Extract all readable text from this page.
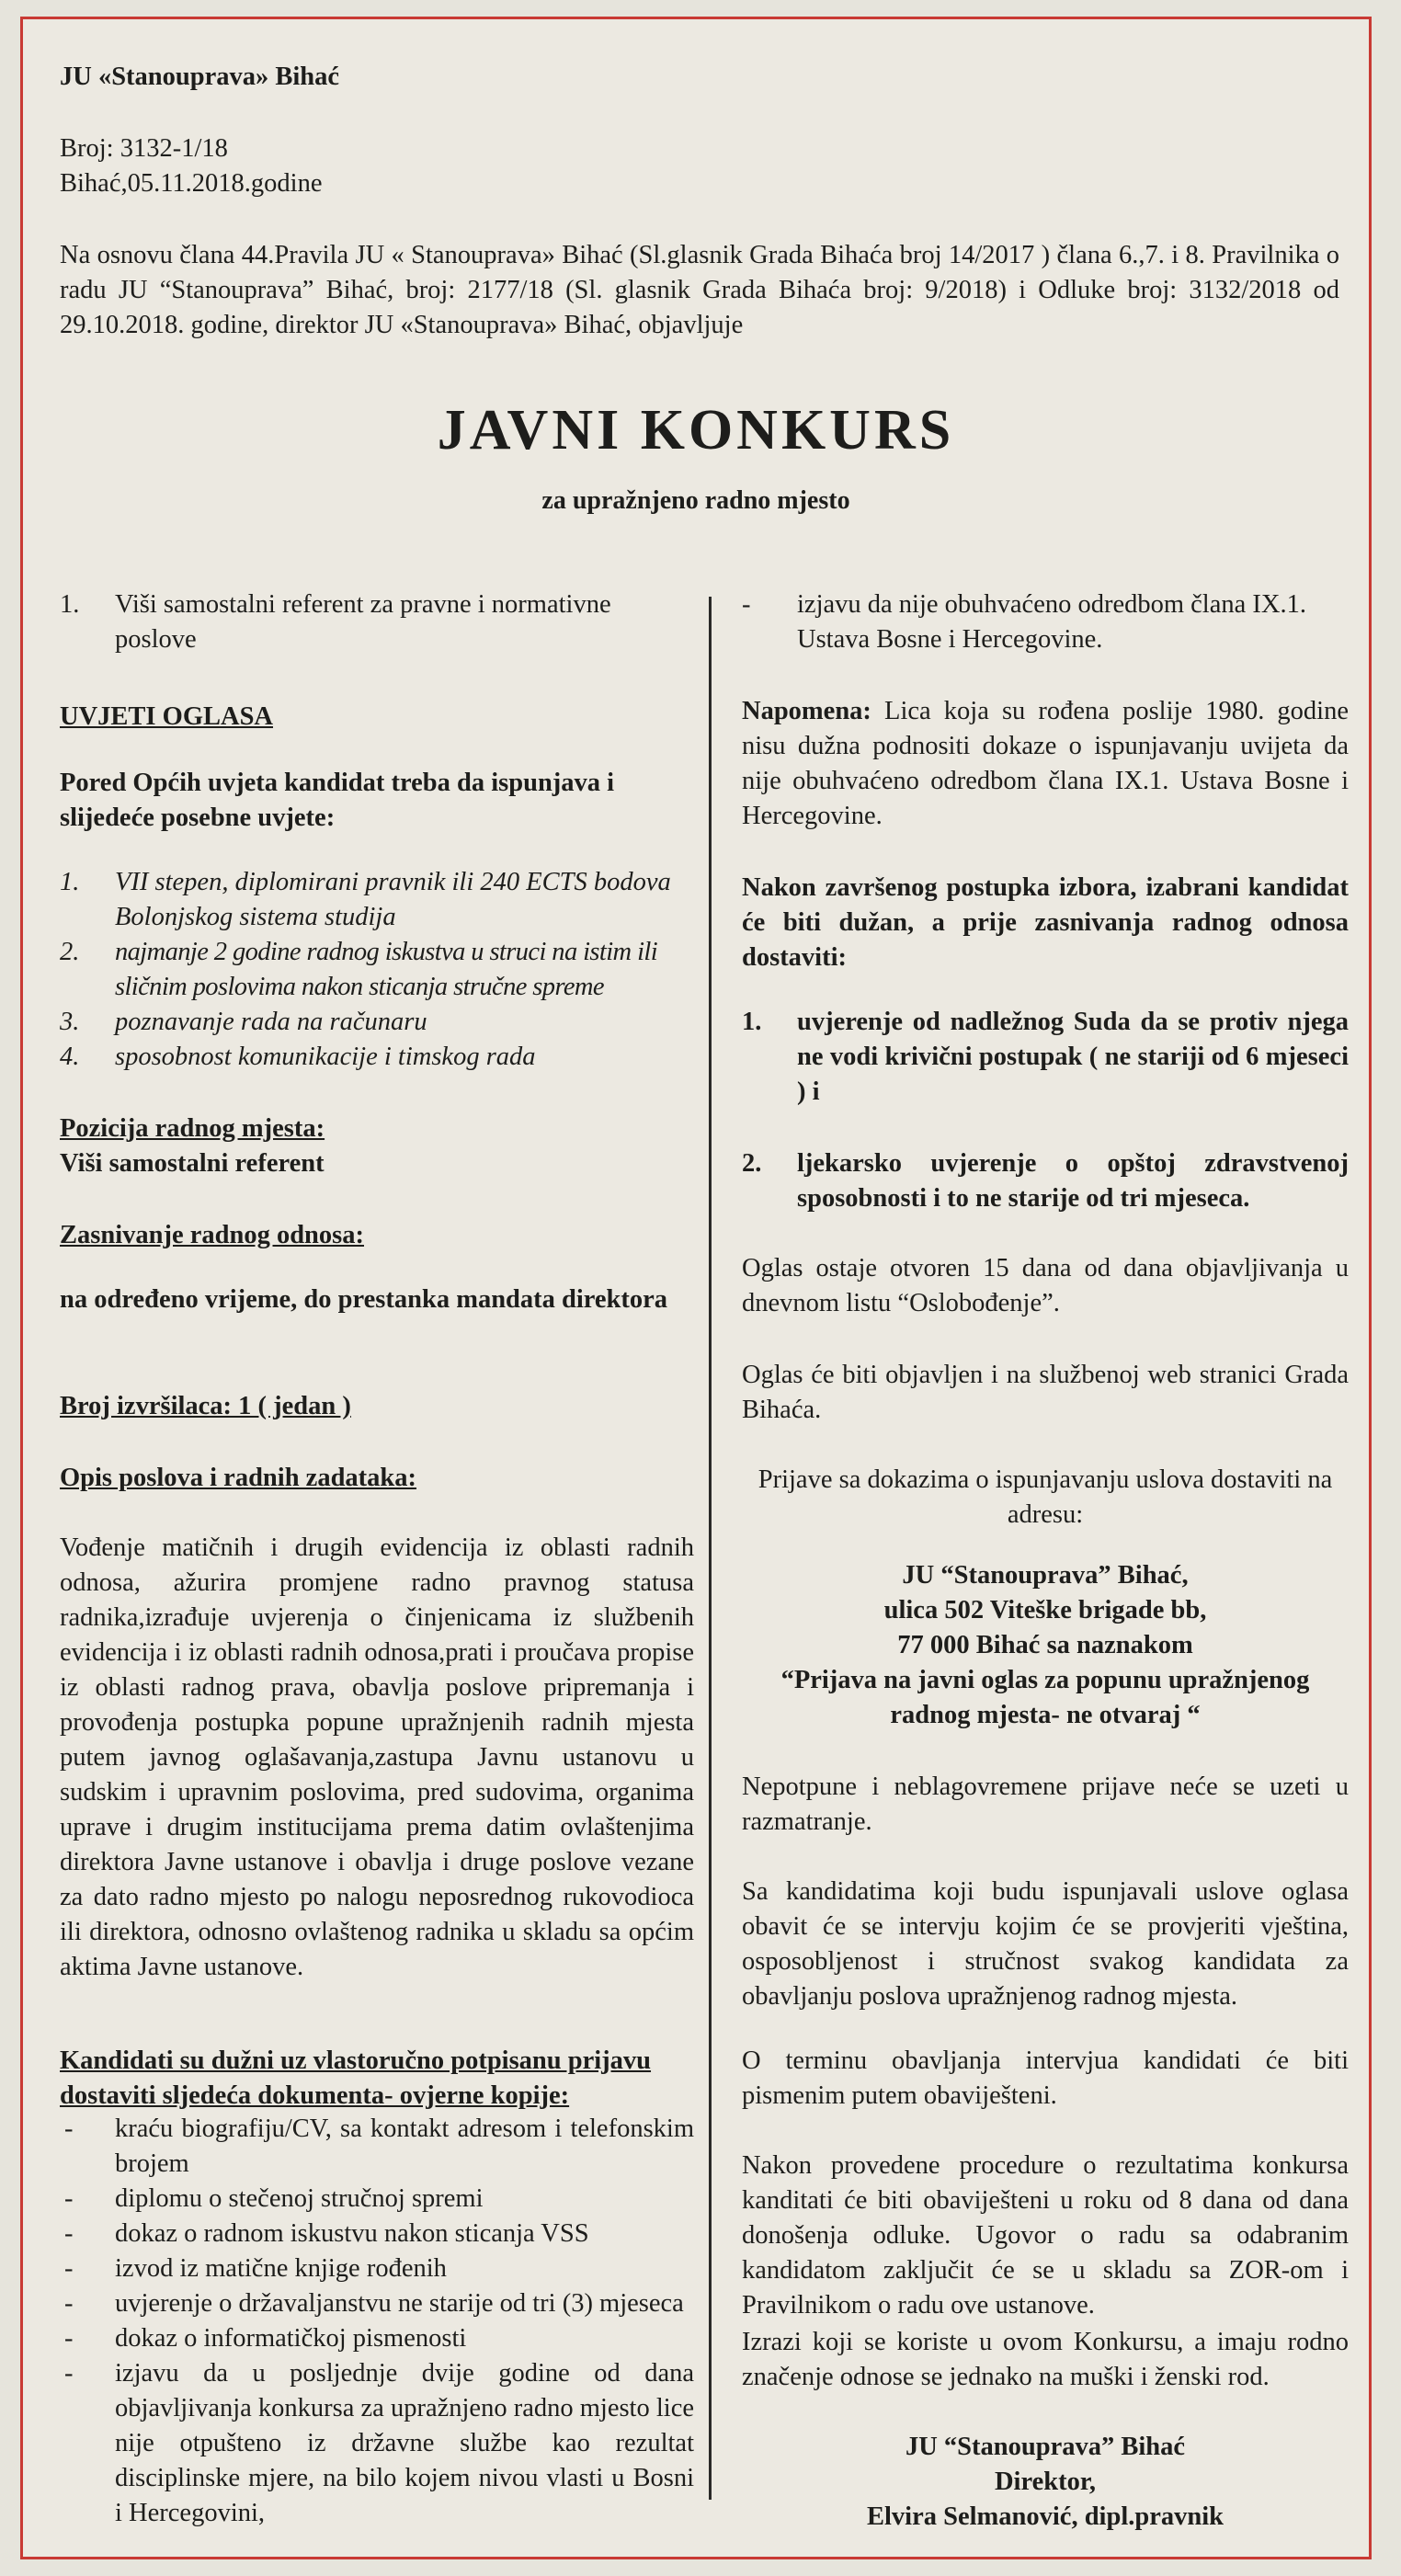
JU «Stanouprava» Bihać

Broj: 3132-1/18

Bihać,05.11.2018.godine

Na osnovu člana 44.Pravila JU « Stanouprava» Bihać (Sl.glasnik Grada Bihaća broj 14/2017 ) člana 6.,7. i 8. Pravilnika o radu JU “Stanouprava” Bihać, broj: 2177/18 (Sl. glasnik Grada Bihaća broj: 9/2018) i Odluke broj: 3132/2018 od 29.10.2018. godine, direktor JU «Stanouprava» Bihać, objavljuje

JAVNI KONKURS
za upražnjeno radno mjesto

1. Viši samostalni referent za pravne i normativne poslove

UVJETI OGLASA

Pored Općih uvjeta kandidat treba da ispunjava i slijedeće posebne uvjete:

1. VII stepen, diplomirani pravnik ili 240 ECTS bodova Bolonjskog sistema studija

2. najmanje 2 godine radnog iskustva u struci na istim ili sličnim poslovima nakon sticanja stručne spreme

3. poznavanje rada na računaru

4. sposobnost komunikacije i timskog rada

Pozicija radnog mjesta:

Viši samostalni referent

Zasnivanje radnog odnosa:

na određeno vrijeme, do prestanka mandata direktora

Broj izvršilaca: 1 ( jedan )

Opis poslova i radnih zadataka:

Vođenje matičnih i drugih evidencija iz oblasti radnih odnosa, ažurira promjene radno pravnog statusa radnika,izrađuje uvjerenja o činjenicama iz službenih evidencija i iz oblasti radnih odnosa,prati i proučava propise iz oblasti radnog prava, obavlja poslove pripremanja i provođenja postupka popune upražnjenih radnih mjesta putem javnog oglašavanja,zastupa Javnu ustanovu u sudskim i upravnim poslovima, pred sudovima, organima uprave i drugim institucijama prema datim ovlaštenjima direktora Javne ustanove i obavlja i druge poslove vezane za dato radno mjesto po nalogu neposrednog rukovodioca ili direktora, odnosno ovlaštenog radnika u skladu sa općim aktima Javne ustanove.

Kandidati su dužni uz vlastoručno potpisanu prijavu dostaviti sljedeća dokumenta- ovjerne kopije:

- kraću biografiju/CV, sa kontakt adresom i telefonskim brojem
- diplomu o stečenoj stručnoj spremi
- dokaz o radnom iskustvu nakon sticanja VSS
- izvod iz matične knjige rođenih
- uvjerenje o državaljanstvu ne starije od tri (3) mjeseca
- dokaz o informatičkoj pismenosti
- izjavu da u posljednje dvije godine od dana objavljivanja konkursa za upražnjeno radno mjesto lice nije otpušteno iz državne službe kao rezultat disciplinske mjere, na bilo kojem nivou vlasti u Bosni i Hercegovini,

- izjavu da nije obuhvaćeno odredbom člana IX.1. Ustava Bosne i Hercegovine.

Napomena: Lica koja su rođena poslije 1980. godine nisu dužna podnositi dokaze o ispunjavanju uvijeta da nije obuhvaćeno odredbom člana IX.1. Ustava Bosne i Hercegovine.

Nakon završenog postupka izbora, izabrani kandidat će biti dužan, a prije zasnivanja radnog odnosa dostaviti:

1. uvjerenje od nadležnog Suda da se protiv njega ne vodi krivični postupak ( ne stariji od 6 mjeseci ) i

2. ljekarsko uvjerenje o opštoj zdravstvenoj sposobnosti i to ne starije od tri mjeseca.

Oglas ostaje otvoren 15 dana od dana objavljivanja u dnevnom listu “Oslobođenje”.

Oglas će biti objavljen i na službenoj web stranici Grada Bihaća.

Prijave sa dokazima o ispunjavanju uslova dostaviti na adresu:

JU “Stanouprava” Bihać,

ulica 502 Viteške brigade bb,

77 000 Bihać sa naznakom

“Prijava na javni oglas za popunu upražnjenog

radnog mjesta- ne otvaraj “

Nepotpune i neblagovremene prijave neće se uzeti u razmatranje.

Sa kandidatima koji budu ispunjavali uslove oglasa obavit će se intervju kojim će se provjeriti vještina, osposobljenost i stručnost svakog kandidata za obavljanju poslova upražnjenog radnog mjesta.

O terminu obavljanja intervjua kandidati će biti pismenim putem obaviješteni.

Nakon provedene procedure o rezultatima konkursa kanditati će biti obaviješteni u roku od 8 dana od dana donošenja odluke. Ugovor o radu sa odabranim kandidatom zaključit će se u skladu sa ZOR-om i Pravilnikom o radu ove ustanove.

Izrazi koji se koriste u ovom Konkursu, a imaju rodno značenje odnose se jednako na muški i ženski rod.

JU “Stanouprava” Bihać

Direktor,

Elvira Selmanović, dipl.pravnik
